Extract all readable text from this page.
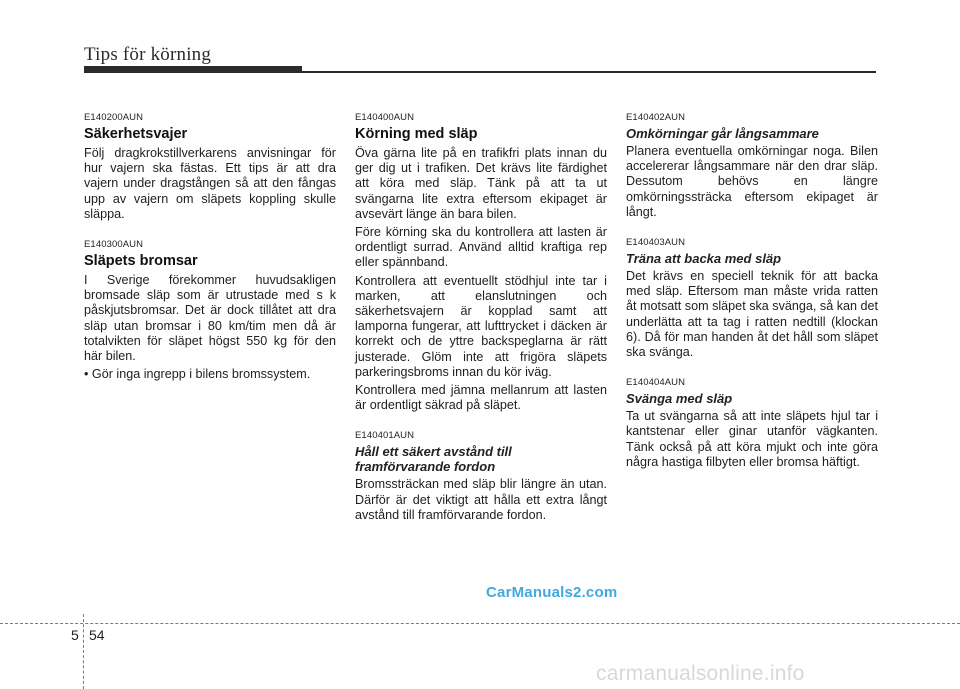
Tips för körning
E140200AUN
Säkerhetsvajer

Följ dragkrokstillverkarens anvisningar för hur vajern ska fästas. Ett tips är att dra vajern under dragstången så att den fångas upp av vajern om släpets koppling skulle släppa.

E140300AUN
Släpets bromsar

I Sverige förekommer huvudsakligen bromsade släp som är utrustade med s k påskjutsbromsar. Det är dock tillåtet att dra släp utan bromsar i 80 km/tim men då är totalvikten för släpet högst 550 kg för den här bilen.

• Gör inga ingrepp i bilens bromssystem.

E140400AUN
Körning med släp

Öva gärna lite på en trafikfri plats innan du ger dig ut i trafiken. Det krävs lite färdighet att köra med släp. Tänk på att ta ut svängarna lite extra eftersom ekipaget är avsevärt länge än bara bilen.

Före körning ska du kontrollera att lasten är ordentligt surrad. Använd alltid kraftiga rep eller spännband.

Kontrollera att eventuellt stödhjul inte tar i marken, att elanslutningen och säkerhetsvajern är kopplad samt att lamporna fungerar, att lufttrycket i däcken är korrekt och de yttre backspeglarna är rätt justerade. Glöm inte att frigöra släpets parkeringsbroms innan du kör iväg.

Kontrollera med jämna mellanrum att lasten är ordentligt säkrad på släpet.

E140401AUN
Håll ett säkert avstånd till framförvarande fordon

Bromssträckan med släp blir längre än utan. Därför är det viktigt att hålla ett extra långt avstånd till framförvarande fordon.

E140402AUN
Omkörningar går långsammare

Planera eventuella omkörningar noga. Bilen accelererar långsammare när den drar släp. Dessutom behövs en längre omkörningssträcka eftersom ekipaget är långt.

E140403AUN
Träna att backa med släp

Det krävs en speciell teknik för att backa med släp. Eftersom man måste vrida ratten åt motsatt som släpet ska svänga, så kan det underlätta att ta tag i ratten nedtill (klockan 6). Då för man handen åt det håll som släpet ska svänga.

E140404AUN
Svänga med släp

Ta ut svängarna så att inte släpets hjul tar i kantstenar eller ginar utanför vägkanten. Tänk också på att köra mjukt och inte göra några hastiga filbyten eller bromsa häftigt.

CarManuals2.com
5 54
carmanualsonline.info
